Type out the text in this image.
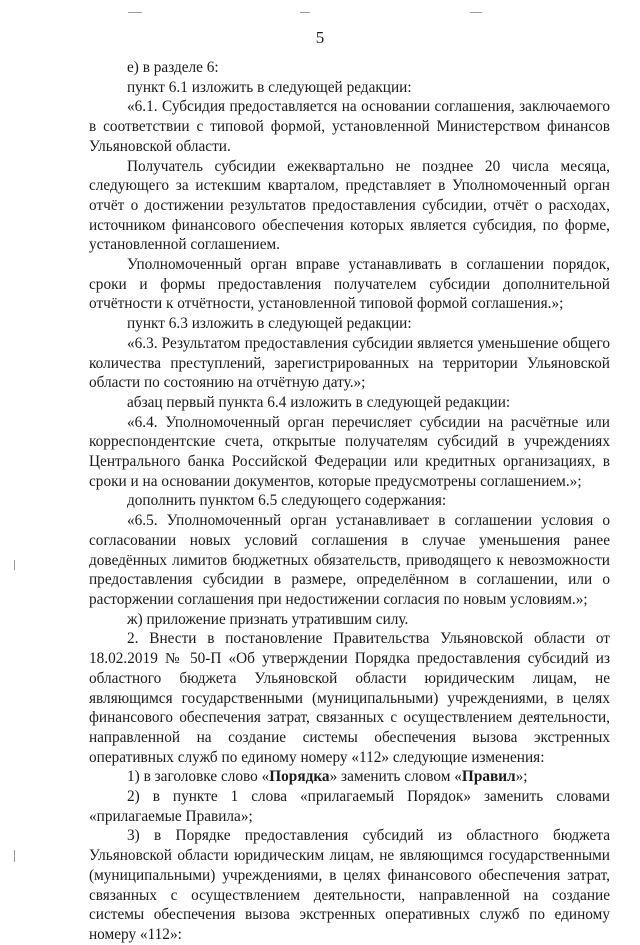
5

е) в разделе 6:

пункт 6.1 изложить в следующей редакции:

«6.1. Субсидия предоставляется на основании соглашения, заключаемого в соответствии с типовой формой, установленной Министерством финансов Ульяновской области.

Получатель субсидии ежеквартально не позднее 20 числа месяца, следующего за истекшим кварталом, представляет в Уполномоченный орган отчёт о достижении результатов предоставления субсидии, отчёт о расходах, источником финансового обеспечения которых является субсидия, по форме, установленной соглашением.

Уполномоченный орган вправе устанавливать в соглашении порядок, сроки и формы предоставления получателем субсидии дополнительной отчётности к отчётности, установленной типовой формой соглашения.»;

пункт 6.3 изложить в следующей редакции:

«6.3. Результатом предоставления субсидии является уменьшение общего количества преступлений, зарегистрированных на территории Ульяновской области по состоянию на отчётную дату.»;

абзац первый пункта 6.4 изложить в следующей редакции:

«6.4. Уполномоченный орган перечисляет субсидии на расчётные или корреспондентские счета, открытые получателям субсидий в учреждениях Центрального банка Российской Федерации или кредитных организациях, в сроки и на основании документов, которые предусмотрены соглашением.»;

дополнить пунктом 6.5 следующего содержания:

«6.5. Уполномоченный орган устанавливает в соглашении условия о согласовании новых условий соглашения в случае уменьшения ранее доведённых лимитов бюджетных обязательств, приводящего к невозможности предоставления субсидии в размере, определённом в соглашении, или о расторжении соглашения при недостижении согласия по новым условиям.»;

ж) приложение признать утратившим силу.

2. Внести в постановление Правительства Ульяновской области от 18.02.2019 № 50-П «Об утверждении Порядка предоставления субсидий из областного бюджета Ульяновской области юридическим лицам, не являющимся государственными (муниципальными) учреждениями, в целях финансового обеспечения затрат, связанных с осуществлением деятельности, направленной на создание системы обеспечения вызова экстренных оперативных служб по единому номеру «112» следующие изменения:

1) в заголовке слово «Порядка» заменить словом «Правил»;

2) в пункте 1 слова «прилагаемый Порядок» заменить словами «прилагаемые Правила»;

3) в Порядке предоставления субсидий из областного бюджета Ульяновской области юридическим лицам, не являющимся государственными (муниципальными) учреждениями, в целях финансового обеспечения затрат, связанных с осуществлением деятельности, направленной на создание системы обеспечения вызова экстренных оперативных служб по единому номеру «112»:
